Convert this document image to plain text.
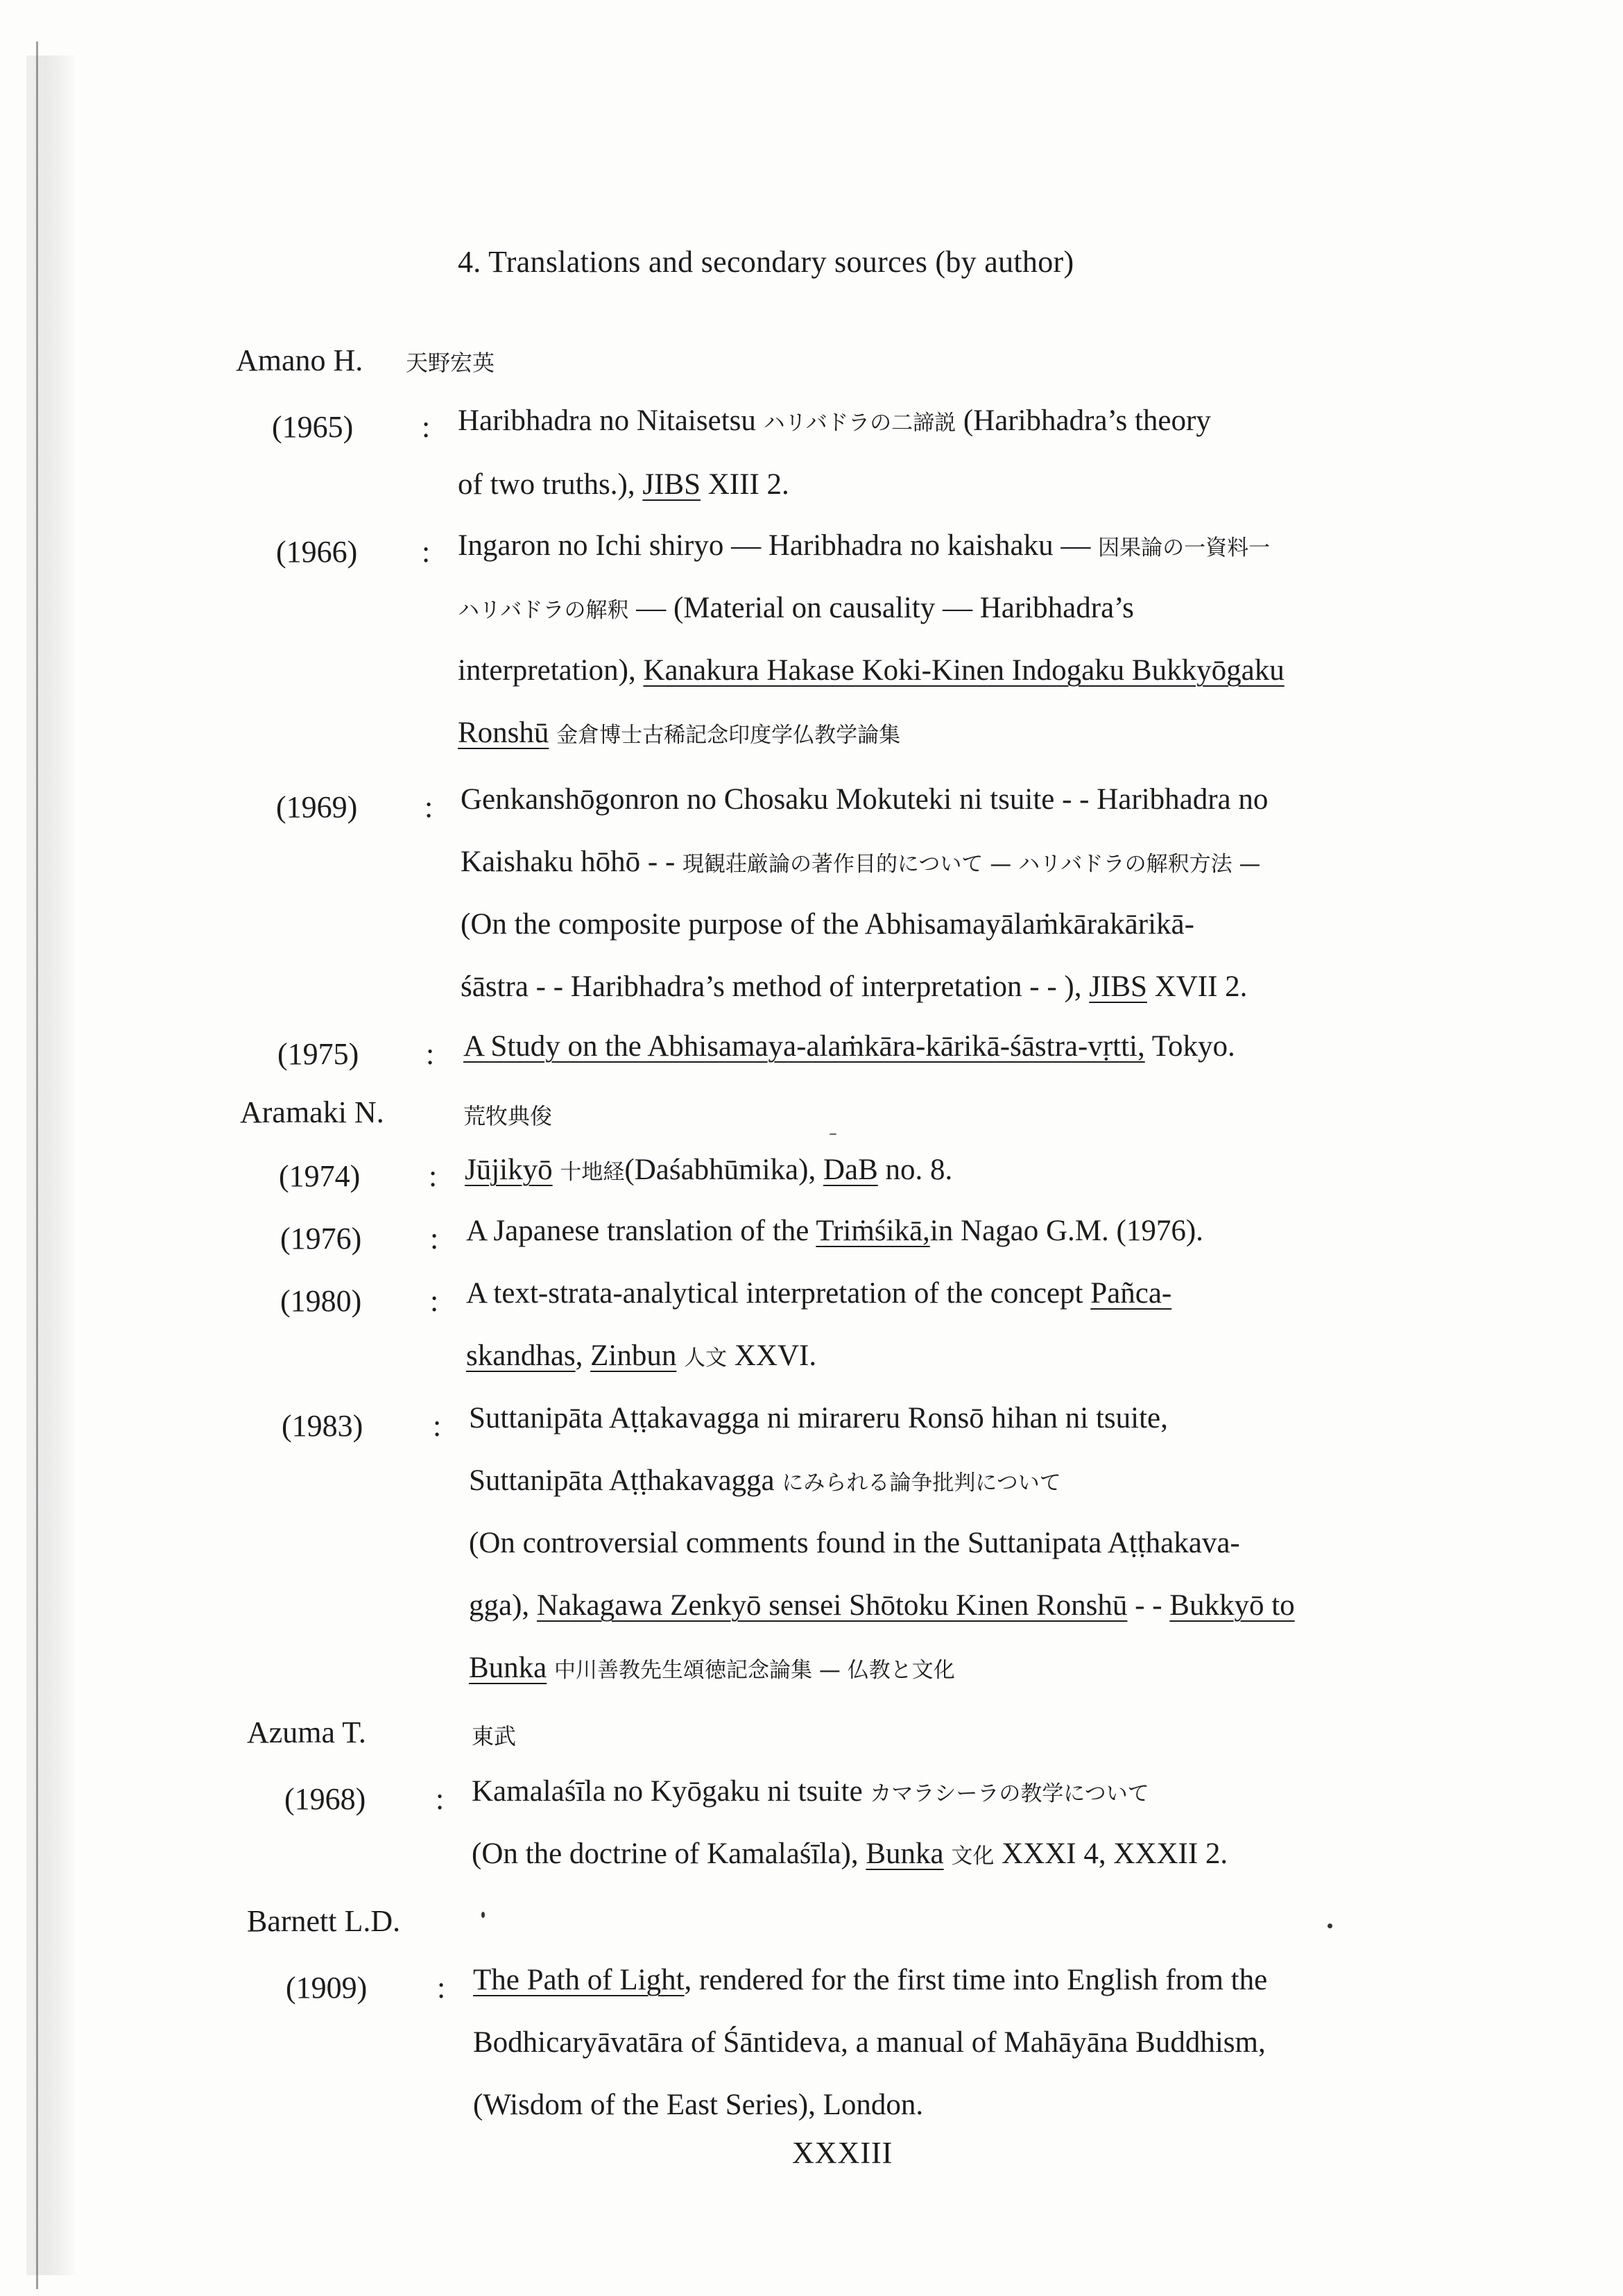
4. Translations and secondary sources (by author)
Amano H. 天野宏英
(1965) : Haribhadra no Nitaisetsu ハリバドラの二諦説 (Haribhadra’s theory
of two truths.), JIBS XIII 2.
(1966) : Ingaron no Ichi shiryo — Haribhadra no kaishaku — 因果論の一資料一
ハリバドラの解釈 — (Material on causality — Haribhadra’s
interpretation), Kanakura Hakase Koki-Kinen Indogaku Bukkyōgaku
Ronshū 金倉博士古稀記念印度学仏教学論集
(1969) : Genkanshōgonron no Chosaku Mokuteki ni tsuite - - Haribhadra no
Kaishaku hōhō - - 現観荘厳論の著作目的について — ハリバドラの解釈方法 —
(On the composite purpose of the Abhisamayālaṁkārakārikā-
śāstra - - Haribhadra’s method of interpretation - - ), JIBS XVII 2.
(1975) : A Study on the Abhisamaya-alaṁkāra-kārikā-śāstra-vṛtti, Tokyo.
Aramaki N.	荒牧典俊
(1974) : Jūjikyō 十地経(Daśabhūmika), DaB no. 8.
(1976) : A Japanese translation of the Triṁśikā,in Nagao G.M. (1976).
(1980) : A text-strata-analytical interpretation of the concept Pañca-
skandhas, Zinbun 人文 XXVI.
(1983) : Suttanipāta Aṭṭakavagga ni mirareru Ronsō hihan ni tsuite,
Suttanipāta Aṭṭhakavagga にみられる論争批判について
(On controversial comments found in the Suttanipata Aṭṭhakava-
gga), Nakagawa Zenkyō sensei Shōtoku Kinen Ronshū - - Bukkyō to
Bunka 中川善教先生頌徳記念論集 — 仏教と文化
Azuma T.	東武
(1968) : Kamalaśīla no Kyōgaku ni tsuite カマラシーラの教学について
(On the doctrine of Kamalaśīla), Bunka 文化 XXXI 4, XXXII 2.
Barnett L.D.
(1909) : The Path of Light, rendered for the first time into English from the
Bodhicaryāvatāra of Śāntideva, a manual of Mahāyāna Buddhism,
(Wisdom of the East Series), London.
XXXIII
